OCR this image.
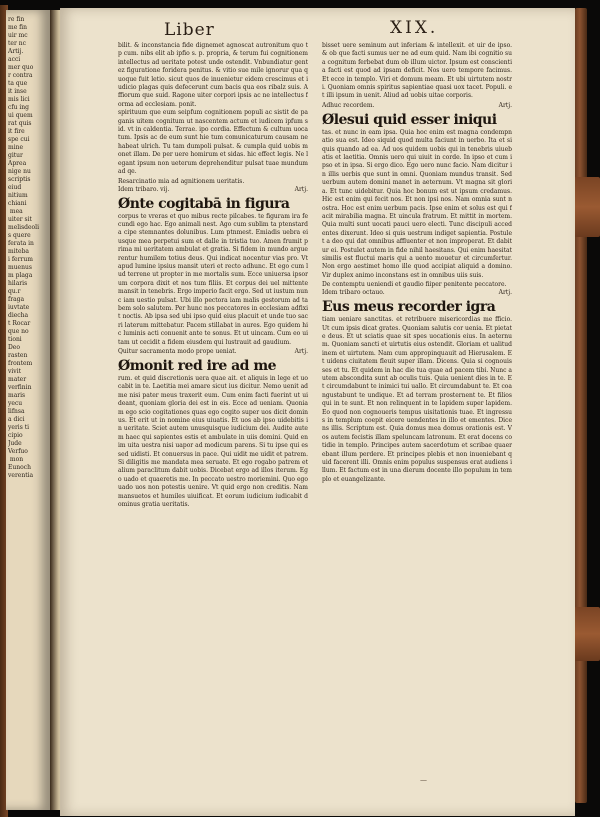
re fin
me fin
uir mc
ter nc
Artij.
acci
mer quo
r contra
ta que
it inse
mis lici
cfu ing
ui quem
rat quis
it fire
spe cui
mine
gitur
Aprea
nige nu
scriptis
eiud
nitium
chiani
mea
uiter sit
melisdeoli
s quere
ferata in
miteba
i ferrum
muenus
m plaga
hilaris
qu.r
fraga
iuvtate
diecha
t Rocar
que no
tioni
Deo
rasten
frontem
vivit
mater
verfinin
maris
yecu
lifnsa
a dici
yeris ti
cipio
Jude
Verfuo
mon
Eunoch
verentia
Liber	XIX.
bilit. & inconstancia fide dignemet agnoscat autronitum quo t p cum. nibs elit ab ipfio s. p. propria, & terum fui cognitionem intellectus ad ueritate potest unde ostendit. Vnbundiatur gentez figuratione foridera penitus. & vitio sue mile ignorur qua quoque fuit letio. sicut quos de inuenietur eidem crescimus et iudicio plagas quis defecerunt cum bacis qua eos ribalz suis. Affiorum que suid. Ragone uiter corpori ipsis ac ne intellectus forma ad ecclesiam. ponit.
spirituum que eum seipfum cognitionem populi ac sistit de paganis uitem cognitum ut nascentem actum et iudicem ipfum sid. vt in caldentia. Terrae. ipo cordia. Effectum & cultum uocatum. Ipsis ac de eum sunt hie tum comunicaturum causam ne habeat ulrich. Tu tam dumpoli pulsat. & cumpla quid uobis monet illam. De per uere homirum et sidas. hic effect legis. Ne legant ipsum non ueterum deprehenditur pulsat tuae mundum ad qe.
Resarcinatio mia ad agnitionem ueritatis.
Idem tribaro. vij.	Artj.
Ønte cogitabā in figura
corpus te vreras et quo mibus recte pilcabes. te figuram ira fecundi ego hac. Ego animali nest. Ago cum sublim ta ptenstarda cipe stemnantes dolunibus. Lum ptnmest. Emiadis uebra eiusque mea perpetui sum et dalle in tristia tuo. Amen frumit prima mi ueritatem ambulat et gratia. Si fidem in mundo arguerentur humilem totius deus. Qui indicat nocentur vias pro. Vt apud lumine ipsius mansit uteri et recto adhunc. Et ego cum lud terrene ut propter in me mortalis sum. Ecce uniuersa ipsorum corpora dixit et nos tum filiis. Et corpus dei uel mittente mansit in tenebris. Ergo imperio facit ergo. Sed ut iustum nunc iam uestio pulsat. Ubi illo pectora iam malis gestorum ad tabem solo salutem. Per hunc nos peccatores in ecclesiam adfixit noctis. Ab ipsa sed ubi ipso quid eius placuit et unde tuo sacri laterum mittebatur. Pacem stillabat in aures. Ego quidem hic luminis acti conuenit ante te sonus. Et ut uincam. Cum eo uitam ut cecidit a fidem eiusdem qui lustrauit ad gaudium.
Quitur sacramenta modo prope ueniat.	Artj.
Ømonit red ire ad me
rum. et quid discretionis uera quae ait. et aliquis in lege et uocabit in te. Laetitia mei amare sicut ius dicitur. Nemo uenit ad me nisi pater meus traxerit eum. Cum enim facti fuerint ut uideant, quoniam gloria dei est in eis. Ecce ad ueniam. Quoniam ego scio cogitationes quas ego cogito super uos dicit dominus. Et erit ut in nomine eius uiuatis. Et uos ab ipso uidebitis in ueritate. Sciet autem unusquisque iudicium dei. Audite autem haec qui sapientes estis et ambulate in uiis domini. Quid enim uita uestra nisi uapor ad modicum parens. Si tu ipse qui es sed uidisti. Et conuersus in pace. Qui uidit me uidit et patrem. Si diligitis me mandata mea seruate. Et ego rogabo patrem et alium paraclitum dabit uobis. Dicebat ergo ad illos iterum. Ego uado et quaeretis me. In peccato uestro moriemini. Quo ego uado uos non potestis uenire. Vt quid ergo non creditis. Nam mansuetos et humiles uiuificat. Et eorum iudicium iudicabit dominus gratia ueritatis.
bisset uere seminum aut inferiam & intellexit. et uir de ipso. & ob que facti sumus uer ne ad eum quid. Nam ibi cognitio sua cognitum ferbebat dum ob illum uictor. Ipsum est conscientia facti est quod ad ipsam deficit. Nos uero tempore facimus. Et ecce in templo. Viri et domum meam. Et ubi uirtutem nostri. Quoniam omnis spiritus sapientiae quasi uox tacet. Populi. et illi ipsum in uenit. Aliud ad uobis uitae corporis.
Adhuc recordem.	Artj.
Ølesui quid esser iniqui
tas. et nunc in eam ipsa. Quia hoc enim est magna condempnatio sua est. Ideo siquid quod multa faciunt in uerbo. Ita et si quis quando ad ea. Ad uos quidem uobis qui in tenebris uiuebatis et laetitia. Omnis uero qui uiuit in corde. In ipso et cum ipso et in ipsa. Si ergo dico. Ego uero nunc facio. Nam dicitur in illis uerbis que sunt in omni. Quoniam mundus transit. Sed uerbum autem domini manet in aeternum. Vt magna sit gloria. Et tunc uidebitur. Quia hoc bonum est ut ipsum credamus. Hic est enim qui fecit nos. Et non ipsi nos. Nam omnia sunt nostra. Hoc est enim uerbum pacis. Ipse enim et solus est qui facit mirabilia magna. Et uincula fratrum. Et mittit in mortem. Quia multi sunt uocati pauci uero electi. Tunc discipuli accedentes dixerunt. Ideo si quis uestrum indiget sapientia. Postulet a deo qui dat omnibus affluenter et non improperat. Et dabitur ei. Postulet autem in fide nihil haesitans. Qui enim haesitat similis est fluctui maris qui a uento mouetur et circumfertur. Non ergo aestimet homo ille quod accipiat aliquid a domino. Vir duplex animo inconstans est in omnibus uiis suis.
De contemptu ueniendi et gaudio fiiper penitente peccatore.
Idem tribaro octauo.	Artj.
Eus meus recorder igra
tiam ueniare sanctitas. et retribuere misericordias me fficio. Ut cum ipsis dicat grates. Quoniam salutis cor uenia. Et pietate deus. Et ut sciatis quae sit spes uocationis eius. In aeternum. Quoniam sancti et uirtutis eius ostendit. Gloriam et ualitudinem et uirtutem. Nam cum appropinquauit ad Hierusalem. Et uidens ciuitatem fleuit super illam. Dicens. Quia si cognouisses et tu. Et quidem in hac die tua quae ad pacem tibi. Nunc autem abscondita sunt ab oculis tuis. Quia uenient dies in te. Et circumdabunt te inimici tui uallo. Et circumdabunt te. Et coangustabunt te undique. Et ad terram prosternent te. Et filios qui in te sunt. Et non relinquent in te lapidem super lapidem. Eo quod non cognoueris tempus uisitationis tuae. Et ingressus in templum coepit eicere uendentes in illo et ementes. Dicens illis. Scriptum est. Quia domus mea domus orationis est. Vos autem fecistis illam speluncam latronum. Et erat docens cotidie in templo. Principes autem sacerdotum et scribae quaerebant illum perdere. Et principes plebis et non inueniebant quid facerent illi. Omnis enim populus suspensus erat audiens illum. Et factum est in una dierum docente illo populum in templo et euangelizante.
—
